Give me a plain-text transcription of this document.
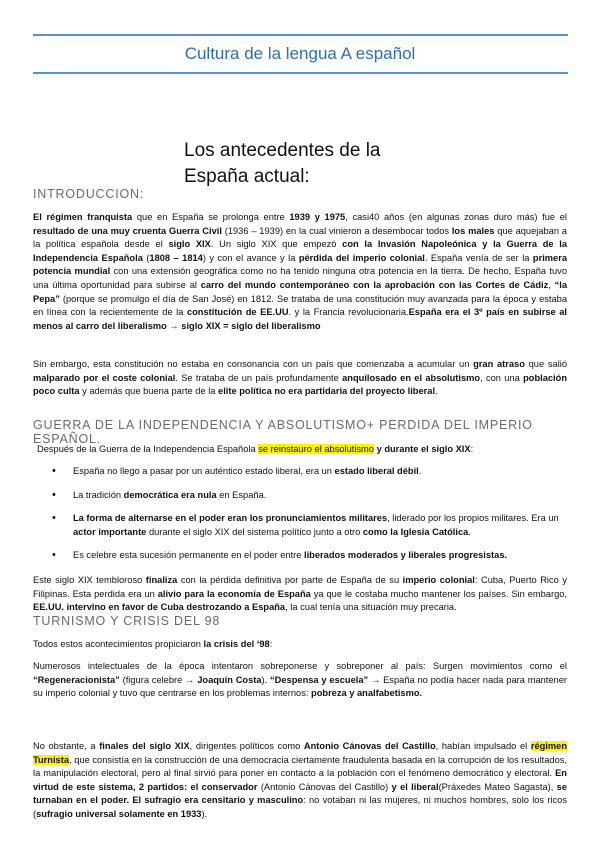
Cultura de la lengua A español
Los antecedentes de la
España actual:
INTRODUCCION:
El régimen franquista que en España se prolonga entre 1939 y 1975, casi40 años (en algunas zonas duro más) fue el resultado de una muy cruenta Guerra Civil (1936 – 1939) en la cual vinieron a desembocar todos los males que aquejaban a la política española desde el siglo XIX. Un siglo XIX que empezó con la Invasión Napoleónica y la Guerra de la Independencia Española (1808 – 1814) y con el avance y la pérdida del imperio colonial. España venía de ser la primera potencia mundial con una extensión geográfica como no ha tenido ninguna otra potencia en la tierra. De hecho, España tuvo una última oportunidad para subirse al carro del mundo contemporáneo con la aprobación con las Cortes de Cádiz, “la Pepa” (porque se promulgo el día de San José) en 1812. Se trataba de una constitución muy avanzada para la época y estaba en línea con la recientemente de la constitución de EE.UU. y la Francia revolucionaria.España era el 3º país en subirse al menos al carro del liberalismo → siglo XIX = siglo del liberalismo
Sin embargo, esta constitución no estaba en consonancia con un país que comenzaba a acumular un gran atraso que salió malparado por el coste colonial. Se trataba de un país profundamente anquilosado en el absolutismo, con una población poco culta y además que buena parte de la elite política no era partidaria del proyecto liberal.
GUERRA DE LA INDEPENDENCIA Y ABSOLUTISMO+ PERDIDA DEL IMPERIO ESPAÑOL.
Después de la Guerra de la Independencia Española se reinstauro el absolutismo y durante el siglo XIX:
• España no llego a pasar por un auténtico estado liberal, era un estado liberal débil.
• La tradición democrática era nula en España.
• La forma de alternarse en el poder eran los pronunciamientos militares, liderado por los propios militares. Era un actor importante durante el siglo XIX del sistema político junto a otro como la Iglesia Católica.
• Es celebre esta sucesión permanente en el poder entre liberados moderados y liberales progresistas.
Este siglo XIX tembloroso finaliza con la pérdida definitiva por parte de España de su imperio colonial: Cuba, Puerto Rico y Filipinas. Esta perdida era un alivio para la economía de España ya que le costaba mucho mantener los países. Sin embargo, EE.UU. intervino en favor de Cuba destrozando a España, la cual tenía una situación muy precaria.
TURNISMO Y CRISIS DEL 98
Todos estos acontecimientos propiciaron la crisis del ‘98:
Numerosos intelectuales de la época intentaron sobreponerse y sobreponer al país: Surgen movimientos como el “Regeneracionista” (figura celebre → Joaquín Costa). “Despensa y escuela” → España no podía hacer nada para mantener su imperio colonial y tuvo que centrarse en los problemas internos: pobreza y analfabetismo.
No obstante, a finales del siglo XIX, dirigentes políticos como Antonio Cánovas del Castillo, habían impulsado el régimen Turnista, que consistía en la construcción de una democracia ciertamente fraudulenta basada en la corrupción de los resultados, la manipulación electoral, pero al final sirvió para poner en contacto a la población con el fenómeno democrático y electoral. En virtud de este sistema, 2 partidos: el conservador (Antonio Cánovas del Castillo) y el liberal(Práxedes Mateo Sagasta), se turnaban en el poder. El sufragio era censitario y masculino: no votaban ni las mujeres, ni muchos hombres, solo los ricos (sufragio universal solamente en 1933).
